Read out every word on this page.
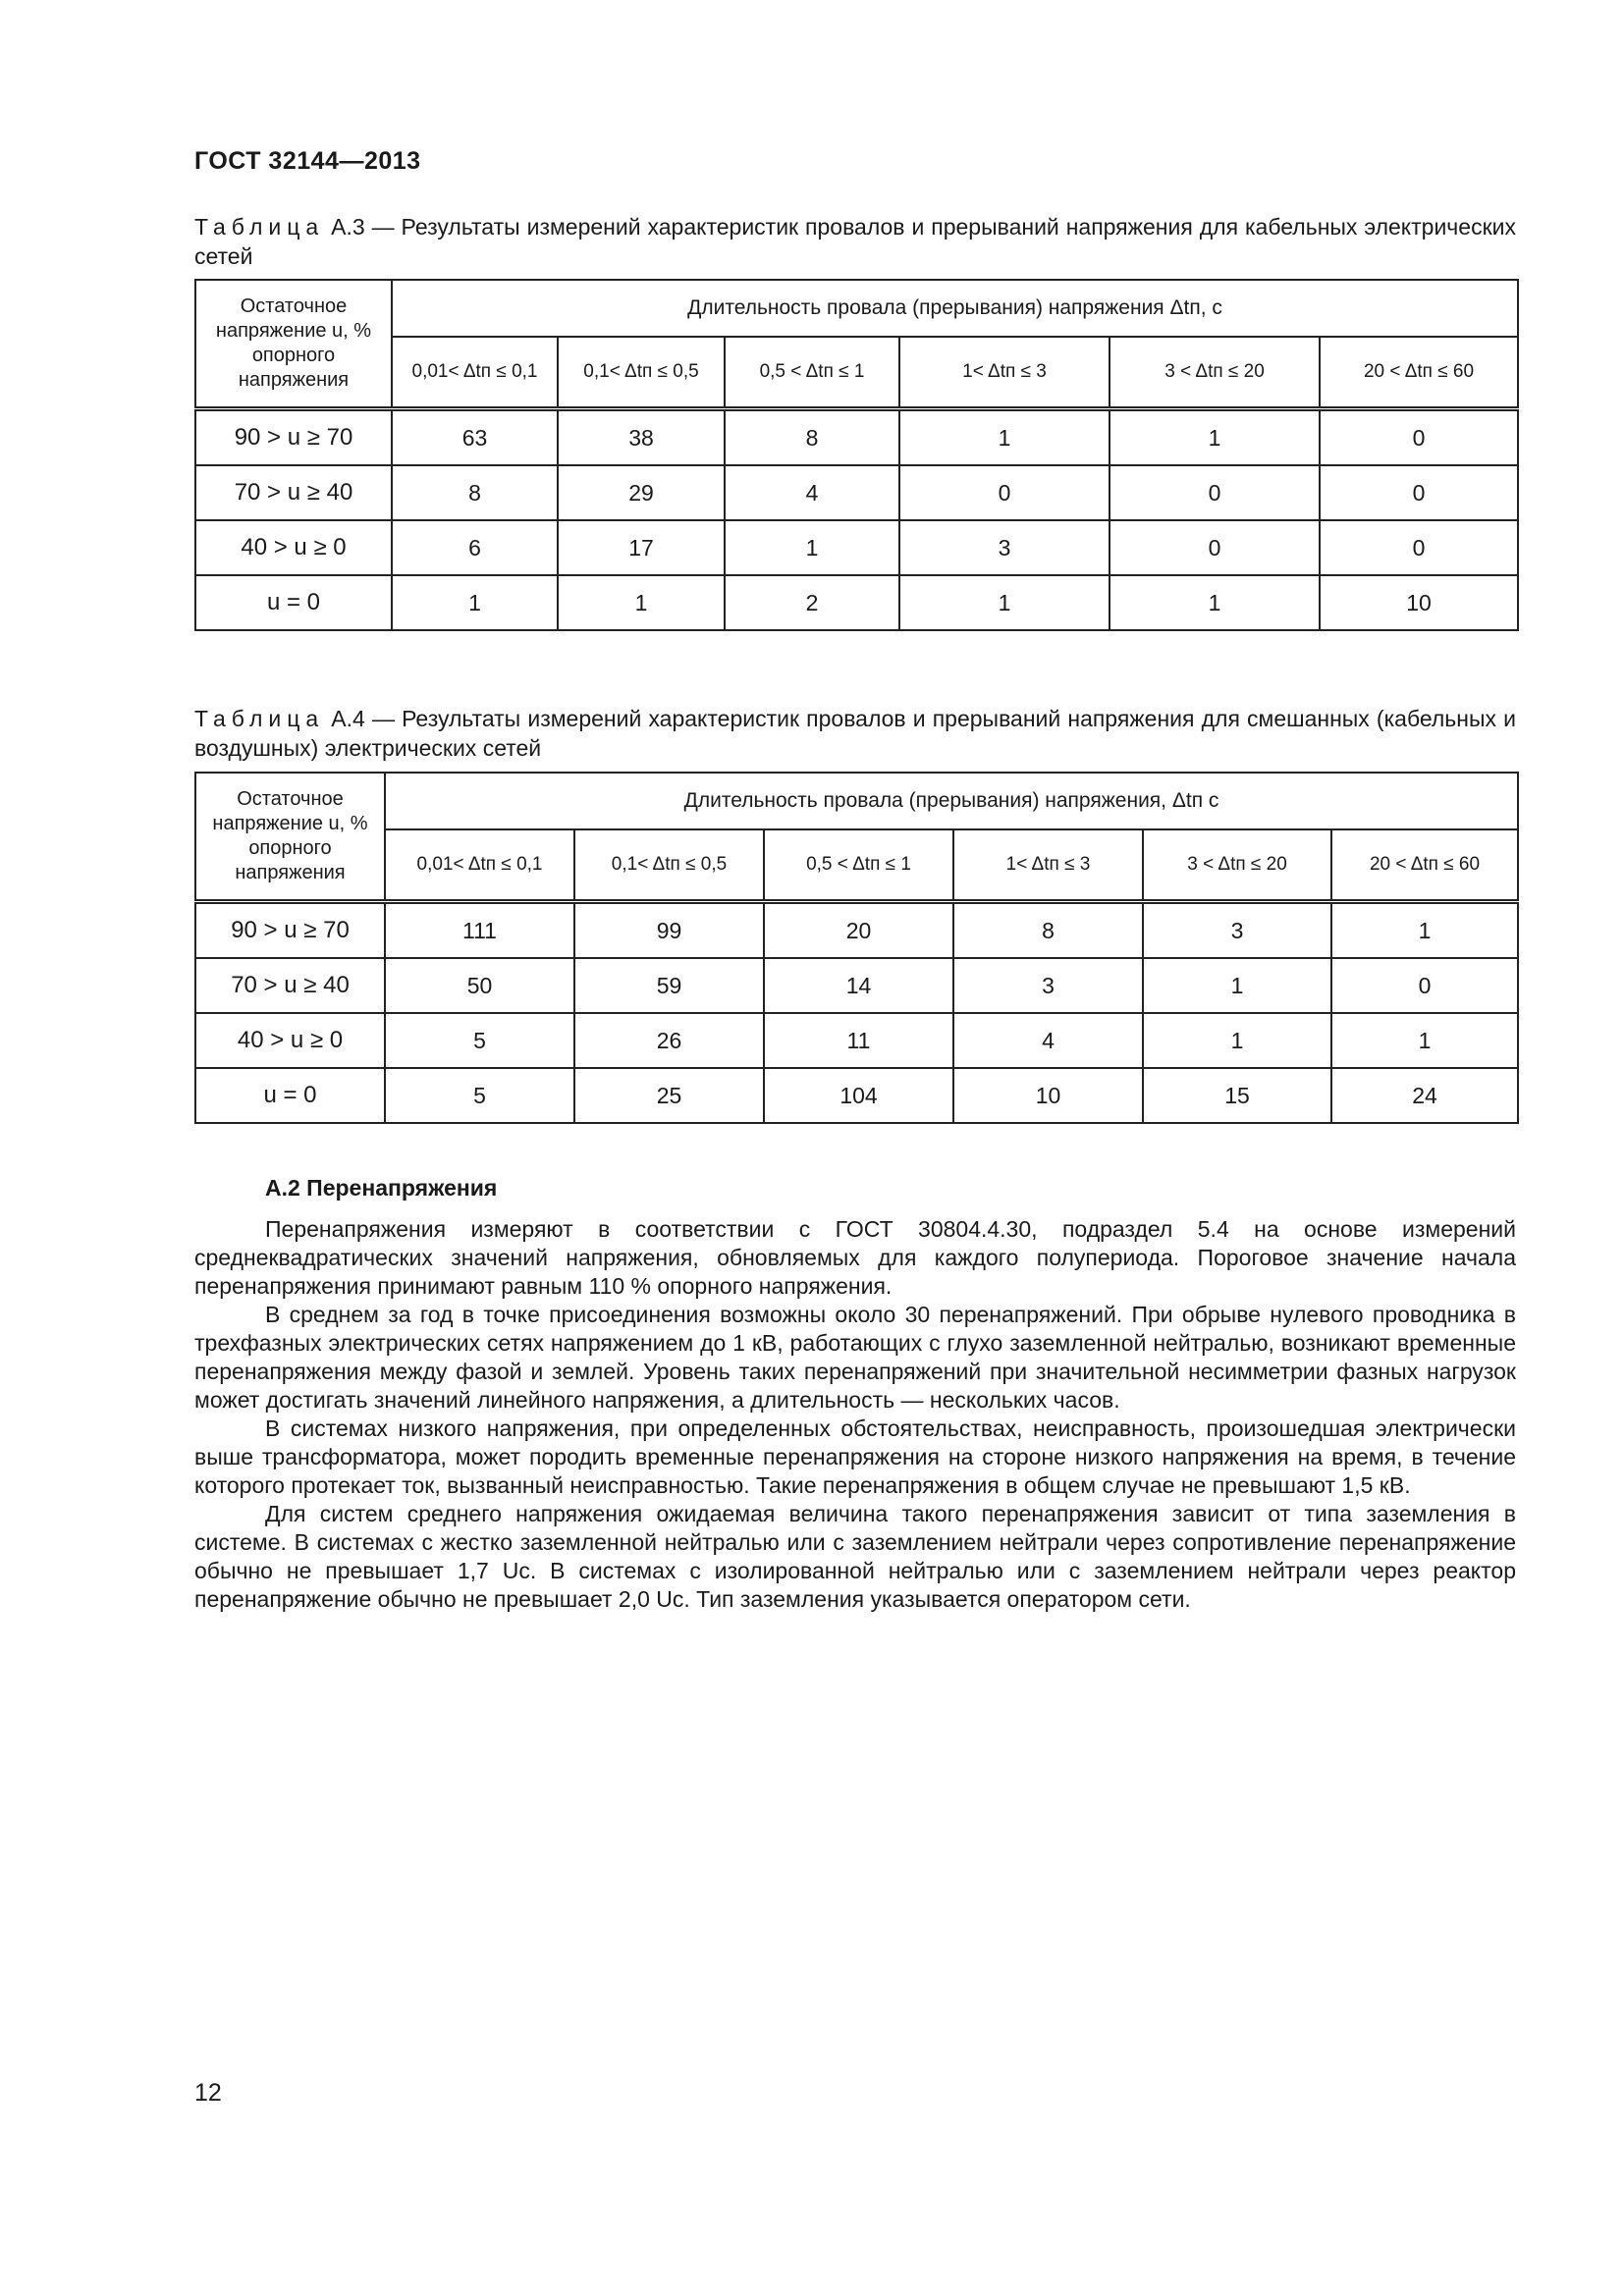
ГОСТ 32144—2013
Таблица А.3 — Результаты измерений характеристик провалов и прерываний напряжения для кабельных электрических сетей
Остаточное напряжение u, % опорного напряжения	Длительность провала (прерывания) напряжения Δtп, с					
	0,01< Δtп ≤ 0,1	0,1< Δtп ≤ 0,5	0,5 < Δtп ≤ 1	1< Δtп ≤ 3	3 < Δtп ≤ 20	20 < Δtп ≤ 60
90 > u ≥ 70	63	38	8	1	1	0
70 > u ≥ 40	8	29	4	0	0	0
40 > u ≥ 0	6	17	1	3	0	0
u = 0	1	1	2	1	1	10
Таблица А.4 — Результаты измерений характеристик провалов и прерываний напряжения для смешанных (кабельных и воздушных) электрических сетей
Остаточное напряжение u, % опорного напряжения	Длительность провала (прерывания) напряжения, Δtп с					
	0,01< Δtп ≤ 0,1	0,1< Δtп ≤ 0,5	0,5 < Δtп ≤ 1	1< Δtп ≤ 3	3 < Δtп ≤ 20	20 < Δtп ≤ 60
90 > u ≥ 70	111	99	20	8	3	1
70 > u ≥ 40	50	59	14	3	1	0
40 > u ≥ 0	5	26	11	4	1	1
u = 0	5	25	104	10	15	24
А.2 Перенапряжения

Перенапряжения измеряют в соответствии с ГОСТ 30804.4.30, подраздел 5.4 на основе измерений среднеквадратических значений напряжения, обновляемых для каждого полупериода. Пороговое значение начала перенапряжения принимают равным 110 % опорного напряжения.

В среднем за год в точке присоединения возможны около 30 перенапряжений. При обрыве нулевого проводника в трехфазных электрических сетях напряжением до 1 кВ, работающих с глухо заземленной нейтралью, возникают временные перенапряжения между фазой и землей. Уровень таких перенапряжений при значительной несимметрии фазных нагрузок может достигать значений линейного напряжения, а длительность — нескольких часов.

В системах низкого напряжения, при определенных обстоятельствах, неисправность, произошедшая электрически выше трансформатора, может породить временные перенапряжения на стороне низкого напряжения на время, в течение которого протекает ток, вызванный неисправностью. Такие перенапряжения в общем случае не превышают 1,5 кВ.

Для систем среднего напряжения ожидаемая величина такого перенапряжения зависит от типа заземления в системе. В системах с жестко заземленной нейтралью или с заземлением нейтрали через сопротивление перенапряжение обычно не превышает 1,7 Uc. В системах с изолированной нейтралью или с заземлением нейтрали через реактор перенапряжение обычно не превышает 2,0 Uc. Тип заземления указывается оператором сети.

12
